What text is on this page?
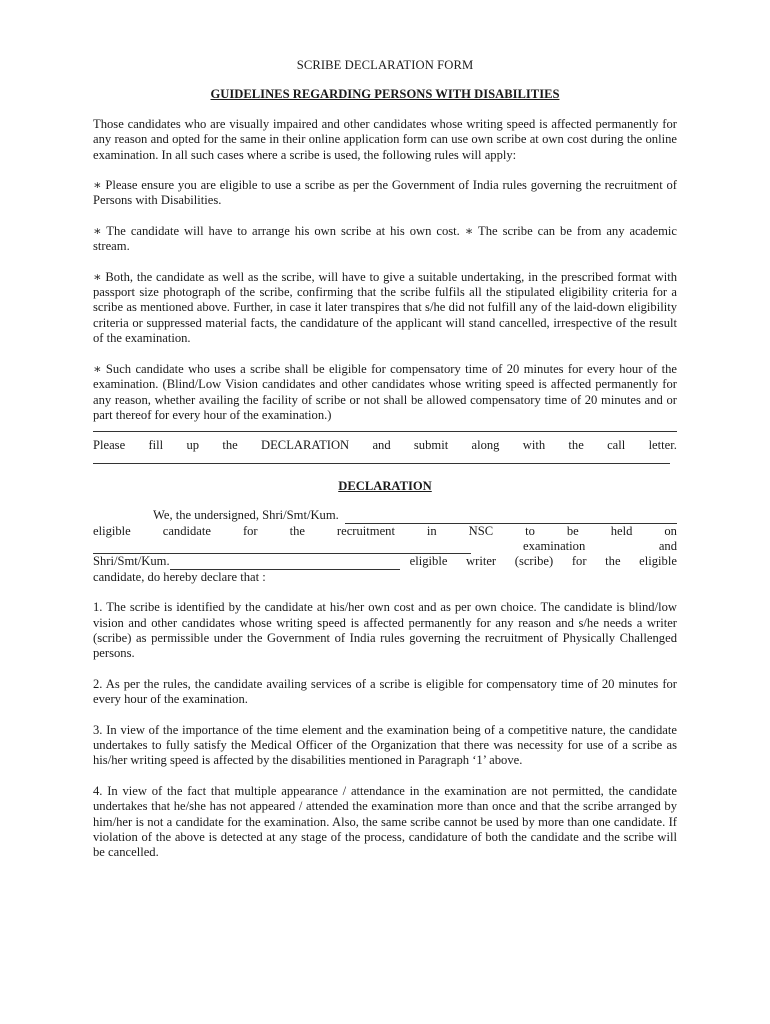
SCRIBE DECLARATION FORM
GUIDELINES REGARDING PERSONS WITH DISABILITIES

Those candidates who are visually impaired and other candidates whose writing speed is affected permanently for any reason and opted for the same in their online application form can use own scribe at own cost during the online examination. In all such cases where a scribe is used, the following rules will apply:

∗ Please ensure you are eligible to use a scribe as per the Government of India rules governing the recruitment of Persons with Disabilities.

∗ The candidate will have to arrange his own scribe at his own cost. ∗ The scribe can be from any academic stream.

∗ Both, the candidate as well as the scribe, will have to give a suitable undertaking, in the prescribed format with passport size photograph of the scribe, confirming that the scribe fulfils all the stipulated eligibility criteria for a scribe as mentioned above. Further, in case it later transpires that s/he did not fulfill any of the laid-down eligibility criteria or suppressed material facts, the candidature of the applicant will stand cancelled, irrespective of the result of the examination.

∗ Such candidate who uses a scribe shall be eligible for compensatory time of 20 minutes for every hour of the examination. (Blind/Low Vision candidates and other candidates whose writing speed is affected permanently for any reason, whether availing the facility of scribe or not shall be allowed compensatory time of 20 minutes and or part thereof for every hour of the examination.)

Please fill up the DECLARATION and submit along with the call letter.
DECLARATION
We, the undersigned, Shri/Smt/Kum.
eligible	candidate	for	the	recruitment	in	NSC	to	be	held	on
examination	and
Shri/Smt/Kum.	eligible writer (scribe) for the eligible

candidate, do hereby declare that :

1. The scribe is identified by the candidate at his/her own cost and as per own choice. The candidate is blind/low vision and other candidates whose writing speed is affected permanently for any reason and s/he needs a writer (scribe) as permissible under the Government of India rules governing the recruitment of Physically Challenged persons.

2. As per the rules, the candidate availing services of a scribe is eligible for compensatory time of 20 minutes for every hour of the examination.

3. In view of the importance of the time element and the examination being of a competitive nature, the candidate undertakes to fully satisfy the Medical Officer of the Organization that there was necessity for use of a scribe as his/her writing speed is affected by the disabilities mentioned in Paragraph ‘1’ above.

4. In view of the fact that multiple appearance / attendance in the examination are not permitted, the candidate undertakes that he/she has not appeared / attended the examination more than once and that the scribe arranged by him/her is not a candidate for the examination. Also, the same scribe cannot be used by more than one candidate. If violation of the above is detected at any stage of the process, candidature of both the candidate and the scribe will be cancelled.
